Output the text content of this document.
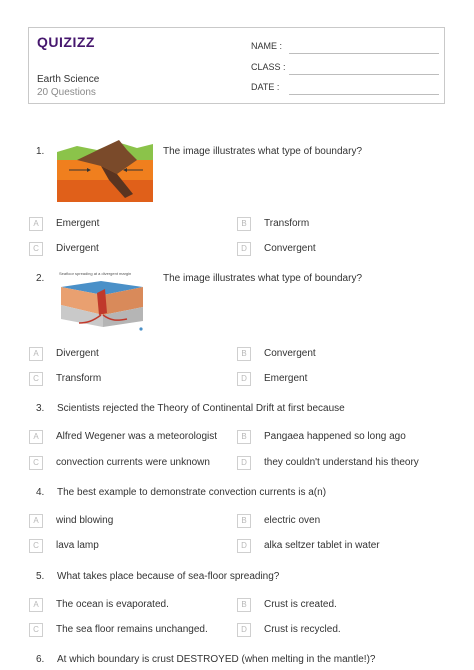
QUIZIZZ
Earth Science
20 Questions
NAME :
CLASS :
DATE :
1.	The image illustrates what type of boundary?
A	Emergent	B	Transform
C	Divergent	D	Convergent
2.	Seafloor spreading at a divergent margin	The image illustrates what type of boundary?
A	Divergent	B	Convergent
C	Transform	D	Emergent
3. Scientists rejected the Theory of Continental Drift at first because
A	Alfred Wegener was a meteorologist	B	Pangaea happened so long ago
C	convection currents were unknown	D	they couldn't understand his theory
4. The best example to demonstrate convection currents is a(n)
A	wind blowing	B	electric oven
C	lava lamp	D	alka seltzer tablet in water
5. What takes place because of sea-floor spreading?
A	The ocean is evaporated.	B	Crust is created.
C	The sea floor remains unchanged.	D	Crust is recycled.
6. At which boundary is crust DESTROYED (when melting in the mantle!)?
